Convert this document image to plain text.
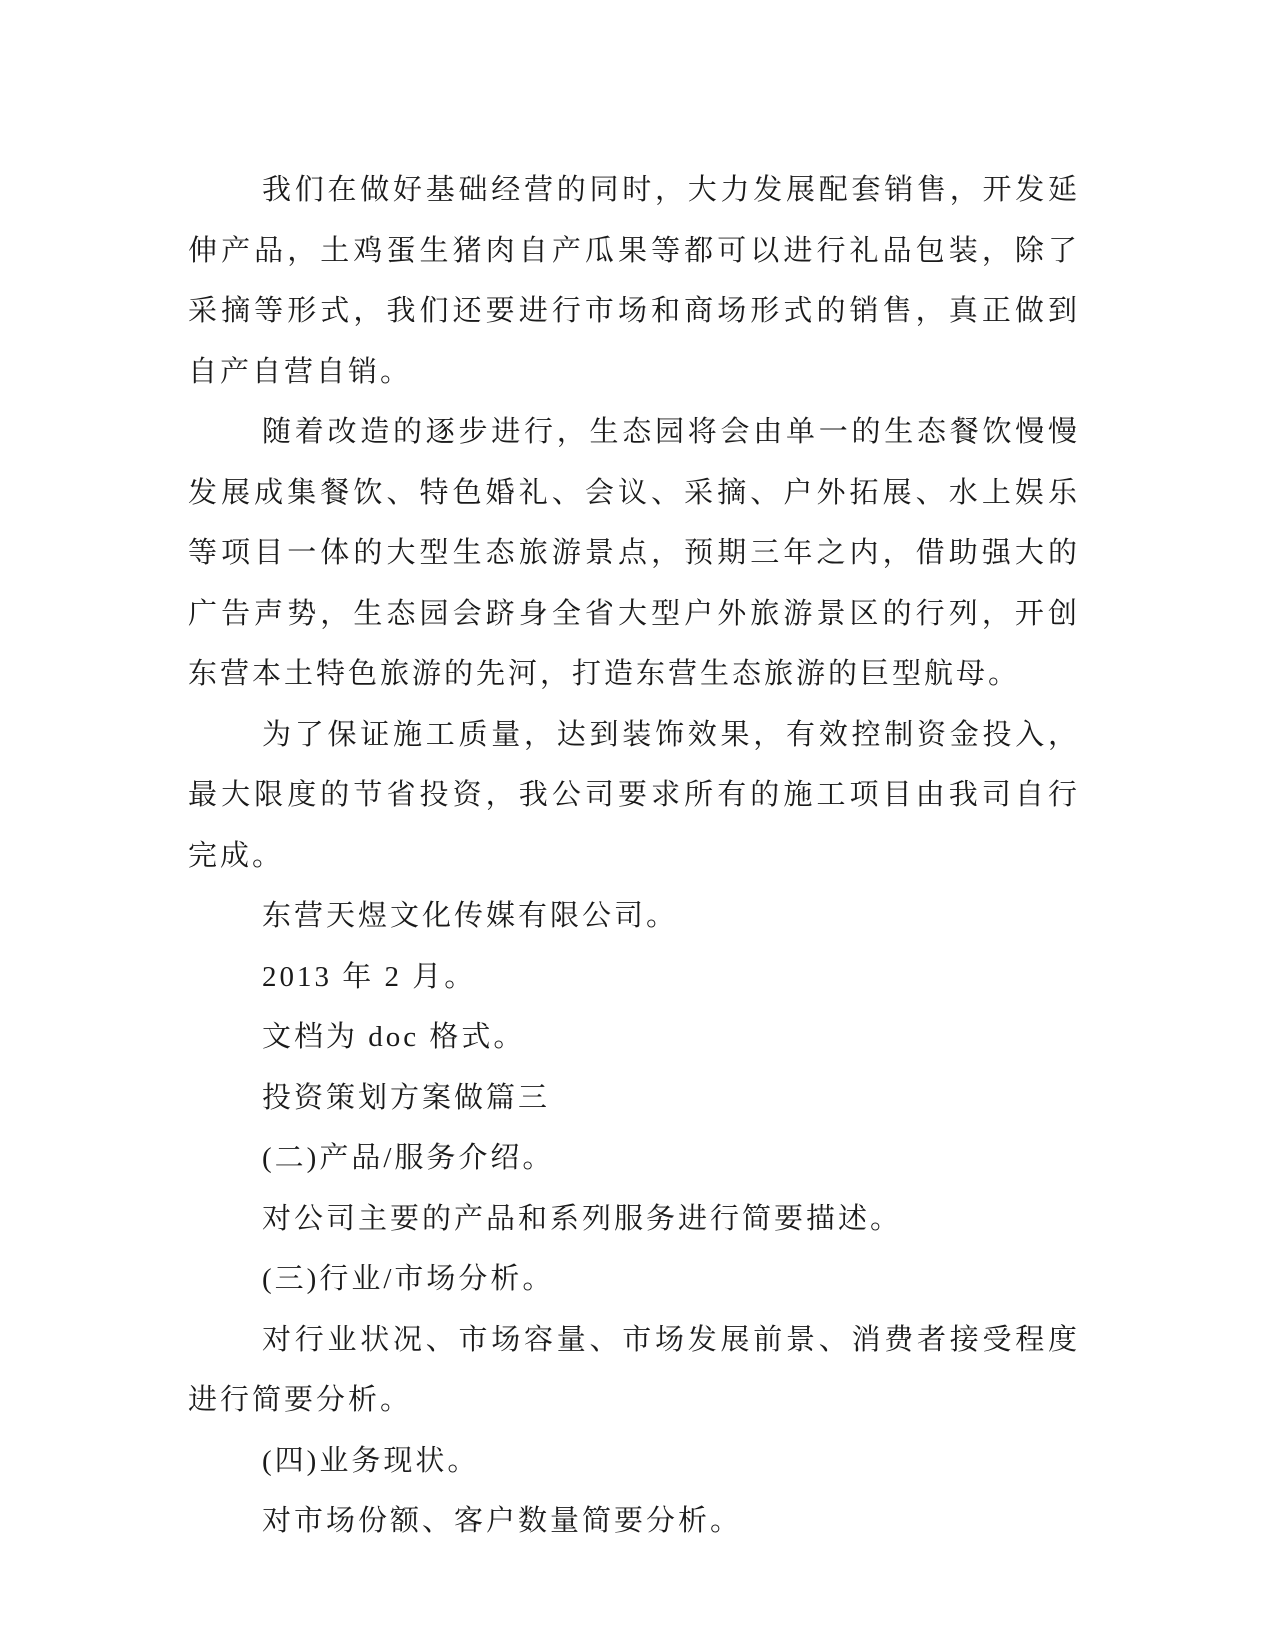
我们在做好基础经营的同时，大力发展配套销售，开发延伸产品，土鸡蛋生猪肉自产瓜果等都可以进行礼品包装，除了采摘等形式，我们还要进行市场和商场形式的销售，真正做到自产自营自销。

随着改造的逐步进行，生态园将会由单一的生态餐饮慢慢发展成集餐饮、特色婚礼、会议、采摘、户外拓展、水上娱乐等项目一体的大型生态旅游景点，预期三年之内，借助强大的广告声势，生态园会跻身全省大型户外旅游景区的行列，开创东营本土特色旅游的先河，打造东营生态旅游的巨型航母。

为了保证施工质量，达到装饰效果，有效控制资金投入，最大限度的节省投资，我公司要求所有的施工项目由我司自行完成。

东营天煜文化传媒有限公司。

2013 年 2 月。

文档为 doc 格式。

投资策划方案做篇三

(二)产品/服务介绍。

对公司主要的产品和系列服务进行简要描述。

(三)行业/市场分析。

对行业状况、市场容量、市场发展前景、消费者接受程度进行简要分析。

(四)业务现状。

对市场份额、客户数量简要分析。
